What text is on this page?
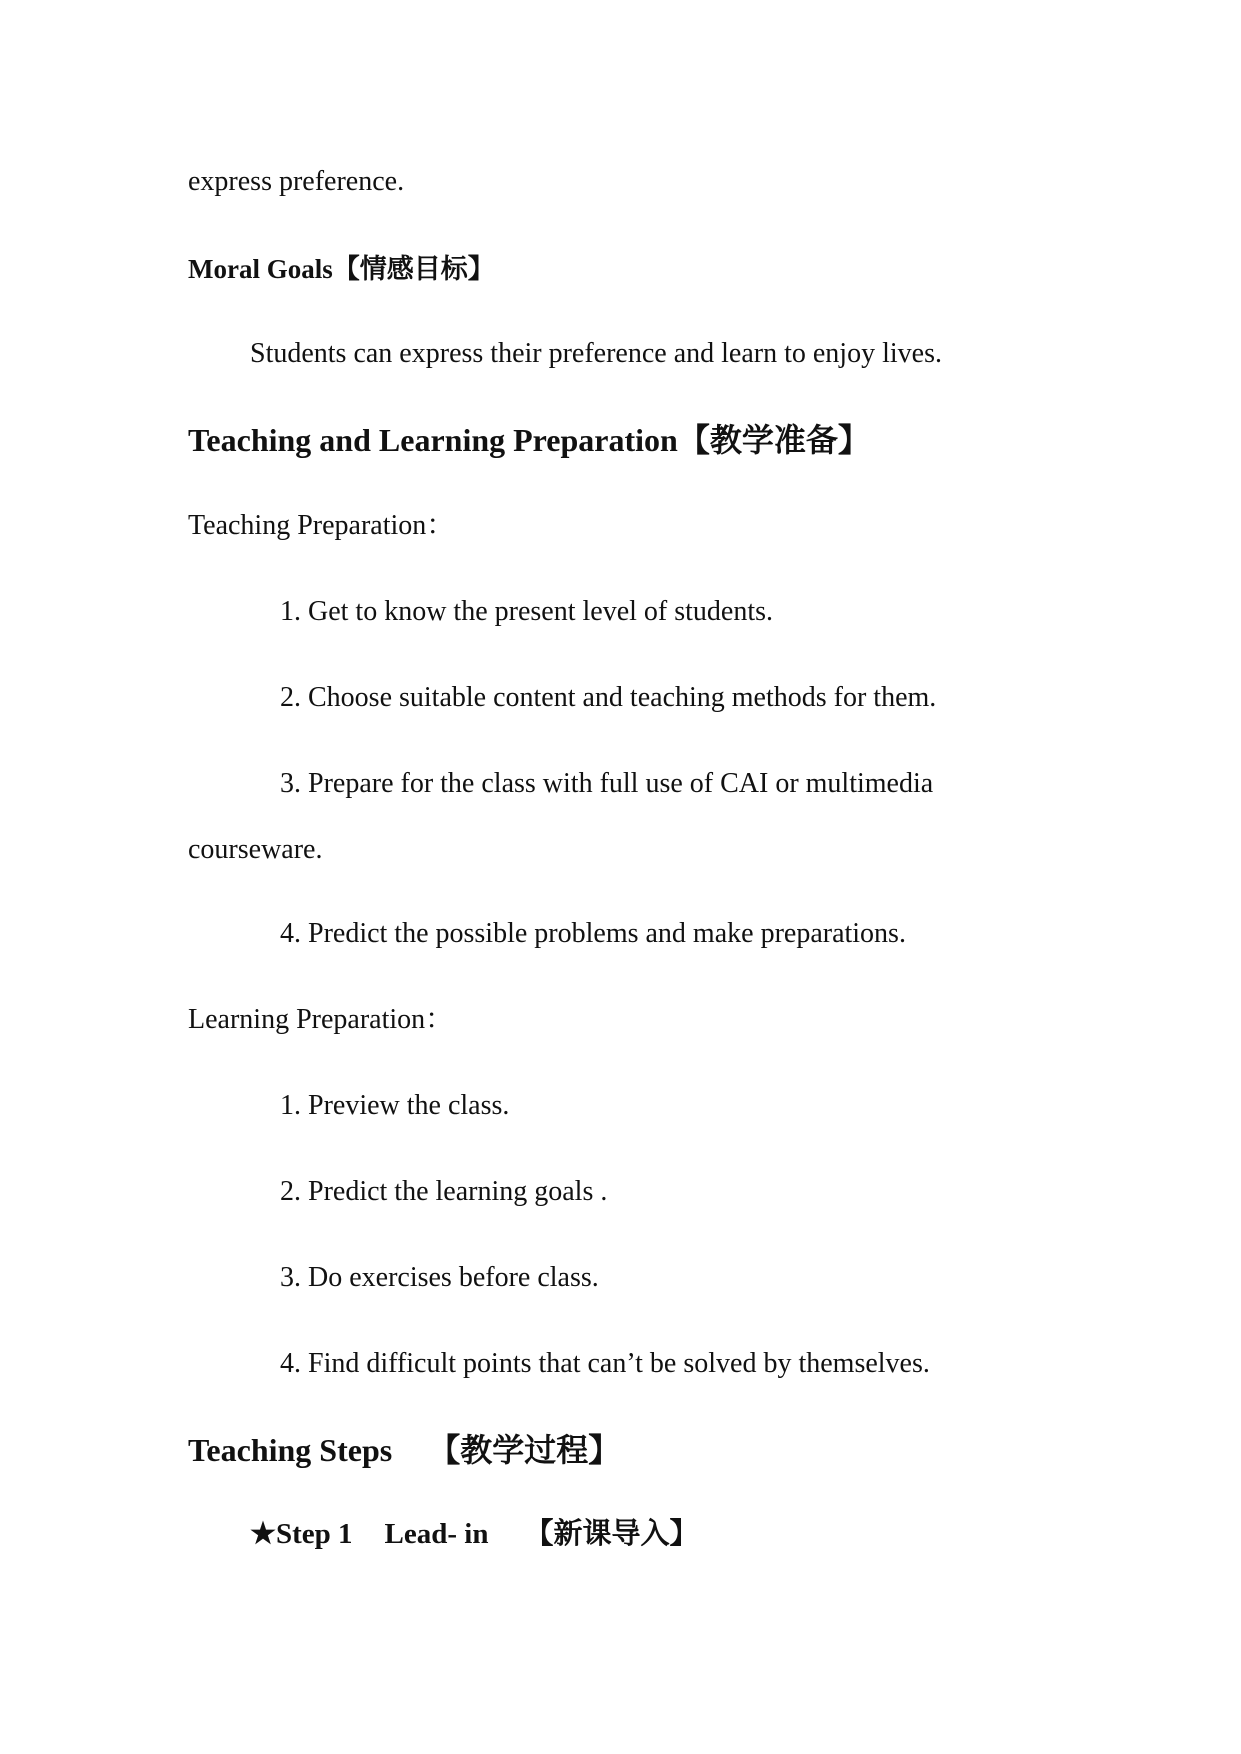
express preference.
Moral Goals【情感目标】
Students can express their preference and learn to enjoy lives.
Teaching and Learning Preparation【教学准备】
Teaching Preparation：
1. Get to know the present level of students.
2. Choose suitable content and teaching methods for them.
3. Prepare for the class with full use of CAI or multimedia
courseware.
4. Predict the possible problems and make preparations.
Learning Preparation：
1. Preview the class.
2. Predict the learning goals .
3. Do exercises before class.
4. Find difficult points that can’t be solved by themselves.
Teaching Steps 【教学过程】
★Step 1 Lead- in 【新课导入】
